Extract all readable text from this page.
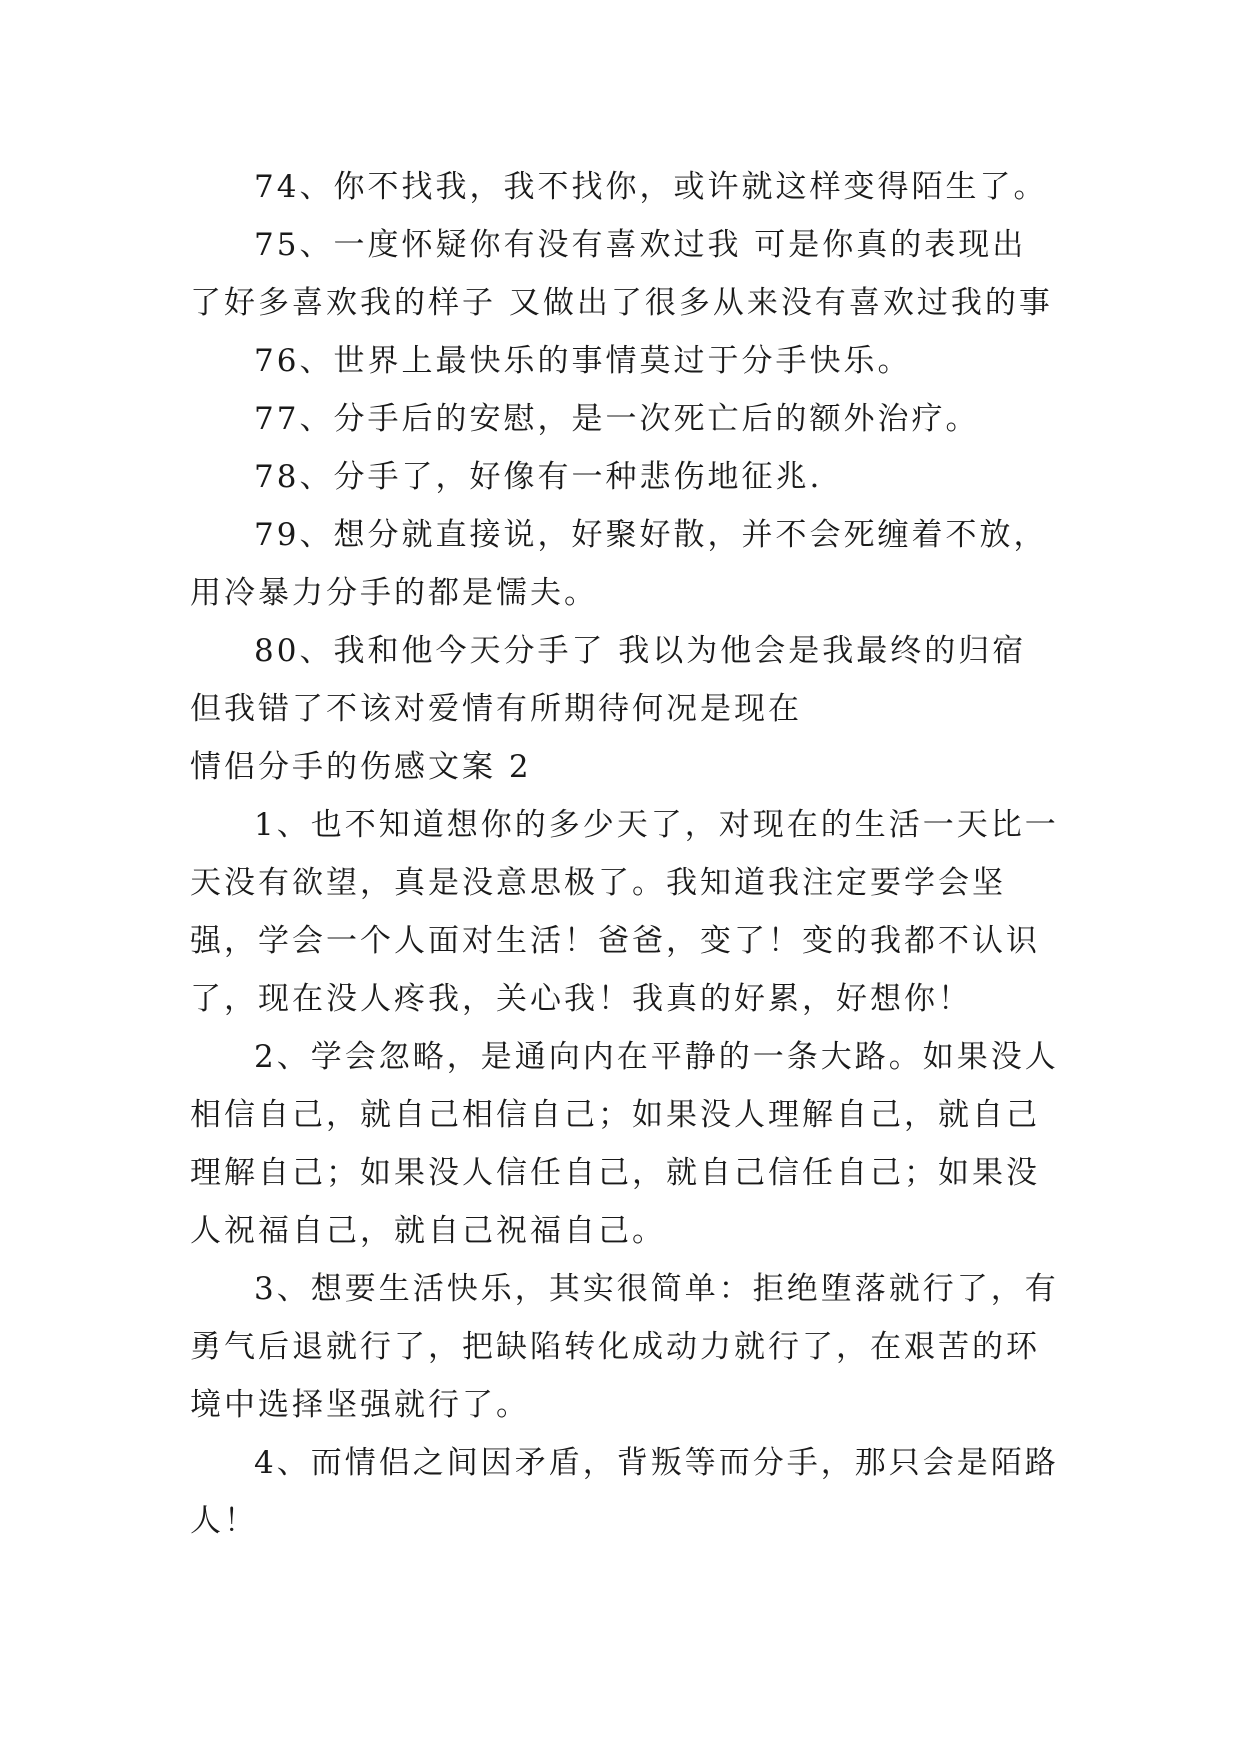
74、你不找我，我不找你，或许就这样变得陌生了。

75、一度怀疑你有没有喜欢过我 可是你真的表现出了好多喜欢我的样子 又做出了很多从来没有喜欢过我的事

76、世界上最快乐的事情莫过于分手快乐。

77、分手后的安慰，是一次死亡后的额外治疗。

78、分手了，好像有一种悲伤地征兆.

79、想分就直接说，好聚好散，并不会死缠着不放，用冷暴力分手的都是懦夫。

80、我和他今天分手了 我以为他会是我最终的归宿 但我错了不该对爱情有所期待何况是现在

情侣分手的伤感文案 2

1、也不知道想你的多少天了，对现在的生活一天比一天没有欲望，真是没意思极了。我知道我注定要学会坚强，学会一个人面对生活！爸爸，变了！变的我都不认识了，现在没人疼我，关心我！我真的好累，好想你！

2、学会忽略，是通向内在平静的一条大路。如果没人相信自己，就自己相信自己；如果没人理解自己，就自己理解自己；如果没人信任自己，就自己信任自己；如果没人祝福自己，就自己祝福自己。

3、想要生活快乐，其实很简单：拒绝堕落就行了，有勇气后退就行了，把缺陷转化成动力就行了，在艰苦的环境中选择坚强就行了。

4、而情侣之间因矛盾，背叛等而分手，那只会是陌路人！
